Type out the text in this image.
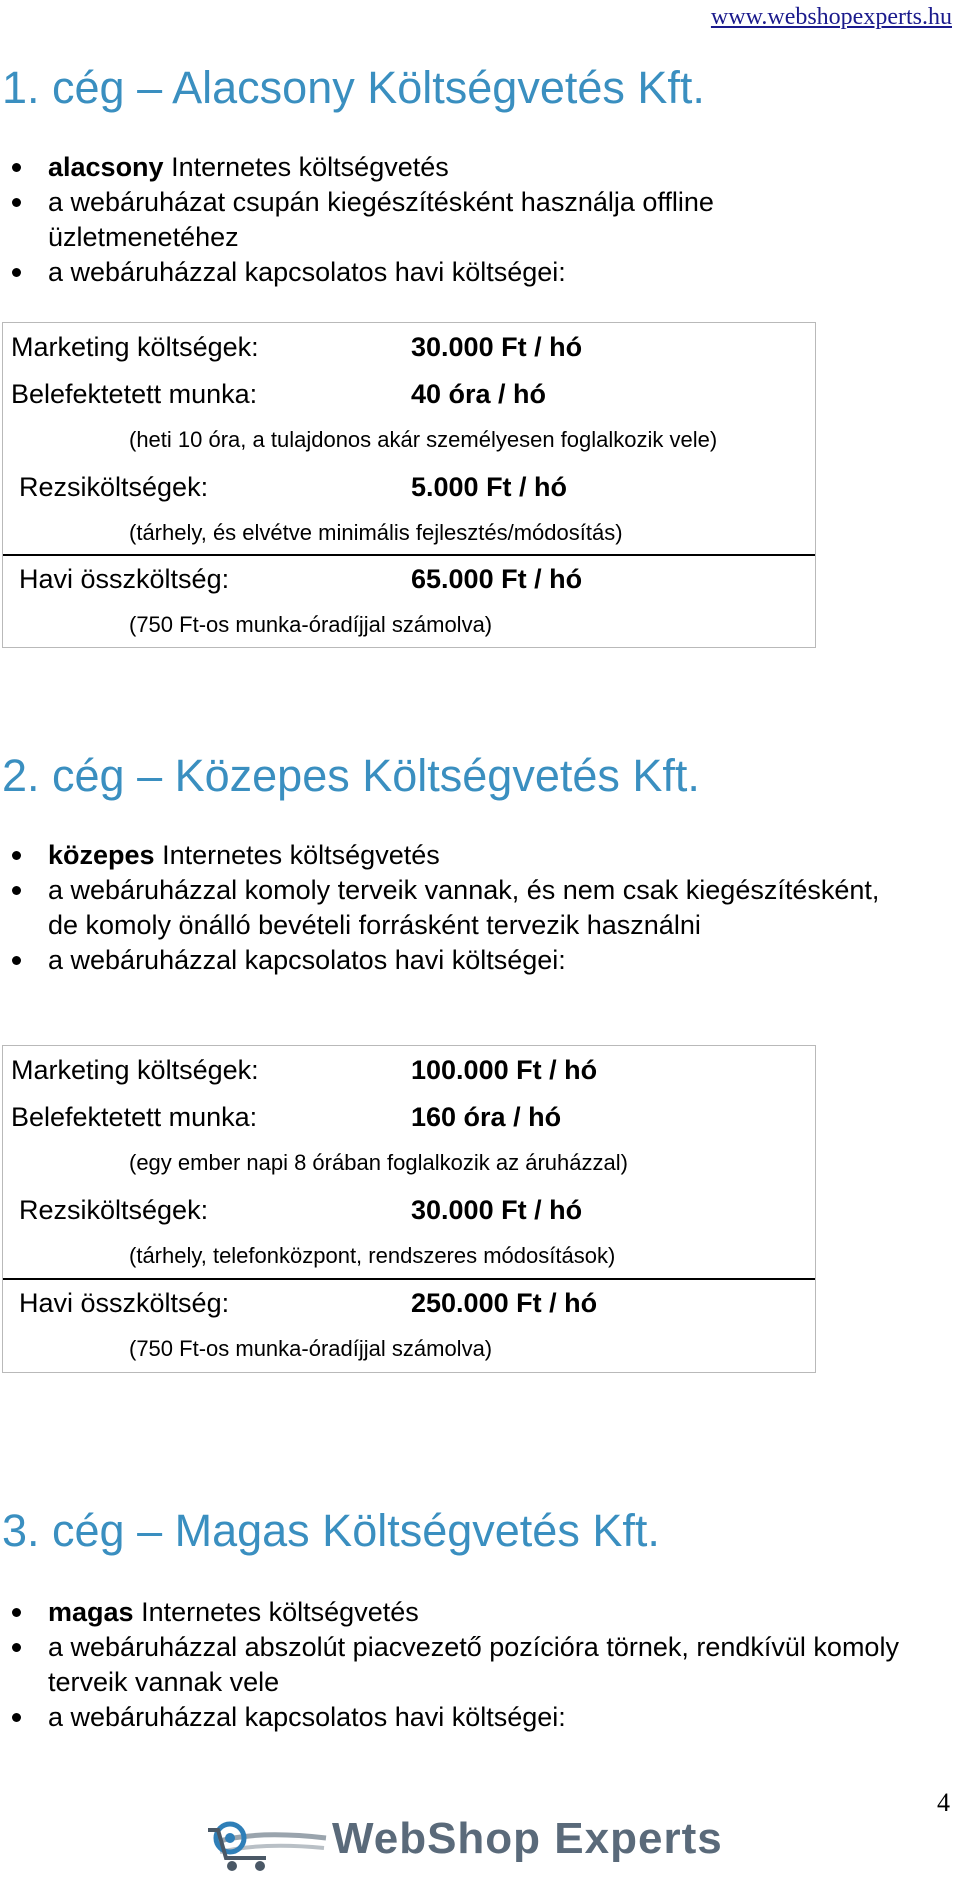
www.webshopexperts.hu
1. cég – Alacsony Költségvetés Kft.
alacsony Internetes költségvetés
a webáruházat csupán kiegészítésként használja offline üzletmenetéhez
a webáruházzal kapcsolatos havi költségei:
Marketing költségek:	30.000 Ft / hó
Belefektetett munka:	40 óra / hó
(heti 10 óra, a tulajdonos akár személyesen foglalkozik vele)
Rezsiköltségek:	5.000 Ft / hó
(tárhely, és elvétve minimális fejlesztés/módosítás)
Havi összköltség:	65.000 Ft / hó
(750 Ft-os munka-óradíjjal számolva)
2. cég – Közepes Költségvetés Kft.
közepes Internetes költségvetés
a webáruházzal komoly terveik vannak, és nem csak kiegészítésként, de komoly önálló bevételi forrásként tervezik használni
a webáruházzal kapcsolatos havi költségei:
Marketing költségek:	100.000 Ft / hó
Belefektetett munka:	160 óra / hó
(egy ember napi 8 órában foglalkozik az áruházzal)
Rezsiköltségek:	30.000 Ft / hó
(tárhely, telefonközpont, rendszeres módosítások)
Havi összköltség:	250.000 Ft / hó
(750 Ft-os munka-óradíjjal számolva)
3. cég – Magas Költségvetés Kft.
magas Internetes költségvetés
a webáruházzal abszolút piacvezető pozícióra törnek, rendkívül komoly terveik vannak vele
a webáruházzal kapcsolatos havi költségei:
4
WebShop Experts
